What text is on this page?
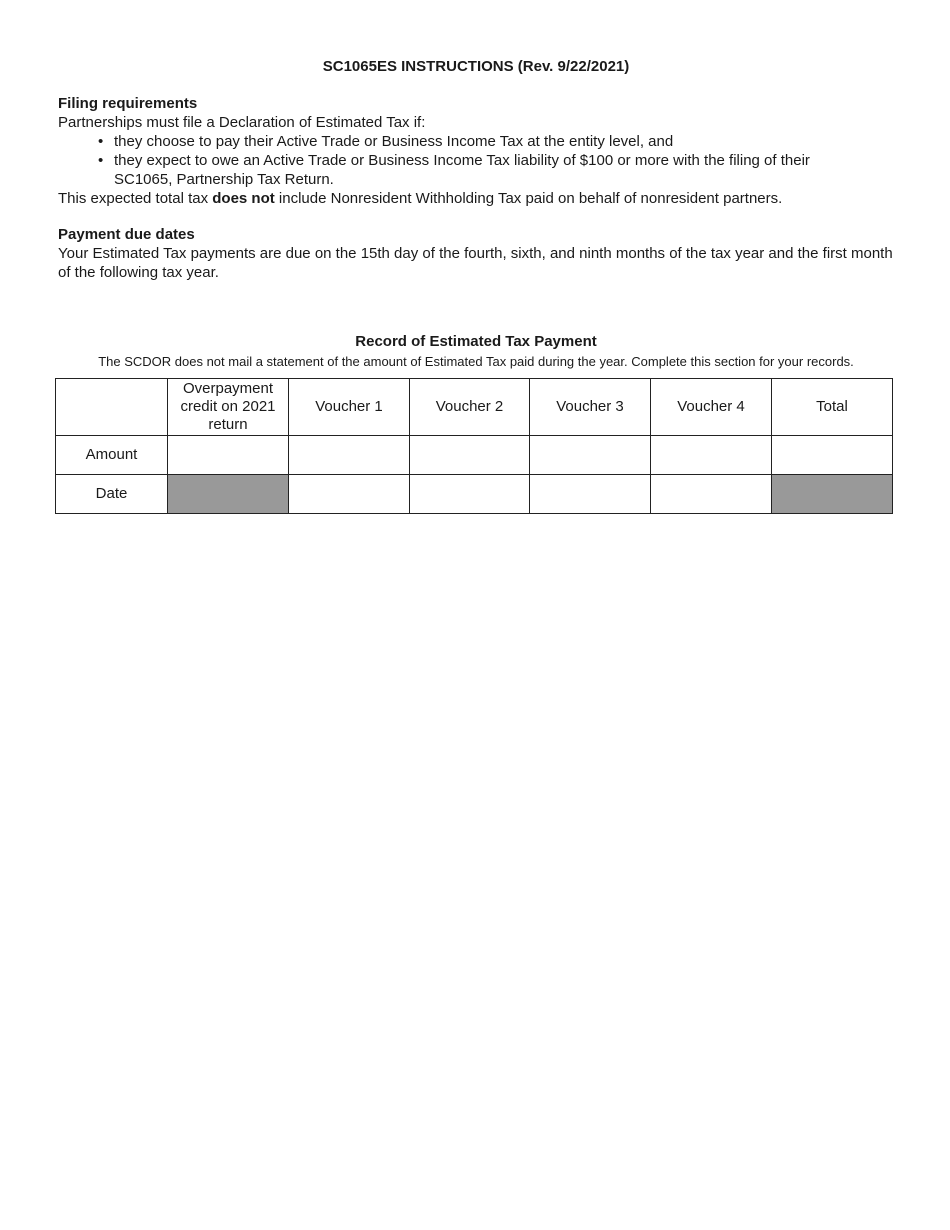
SC1065ES INSTRUCTIONS (Rev. 9/22/2021)
Filing requirements
Partnerships must file a Declaration of Estimated Tax if:
• they choose to pay their Active Trade or Business Income Tax at the entity level, and
• they expect to owe an Active Trade or Business Income Tax liability of $100 or more with the filing of their SC1065, Partnership Tax Return.
This expected total tax does not include Nonresident Withholding Tax paid on behalf of nonresident partners.
Payment due dates
Your Estimated Tax payments are due on the 15th day of the fourth, sixth, and ninth months of the tax year and the first month of the following tax year.
Record of Estimated Tax Payment
The SCDOR does not mail a statement of the amount of Estimated Tax paid during the year. Complete this section for your records.
	Overpayment credit on 2021 return	Voucher 1	Voucher 2	Voucher 3	Voucher 4	Total
Amount						
Date						
